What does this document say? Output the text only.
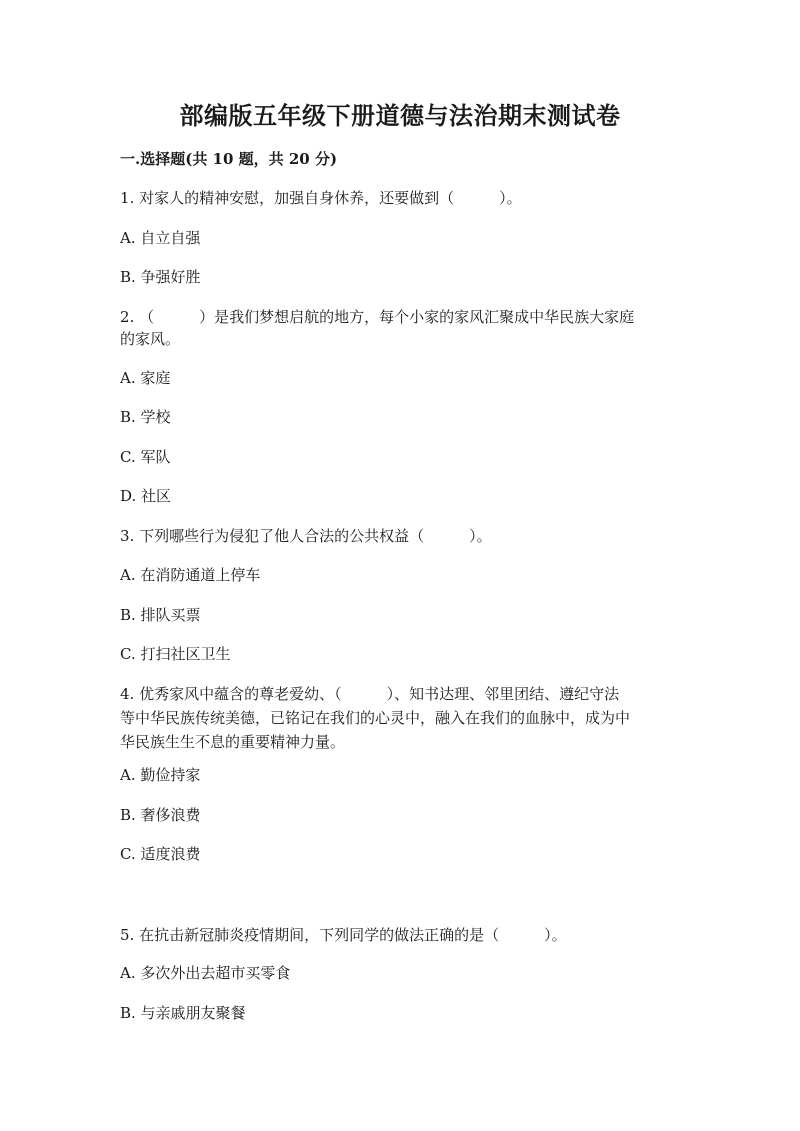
部编版五年级下册道德与法治期末测试卷
一.选择题(共 10 题，共 20 分)
1. 对家人的精神安慰，加强自身休养，还要做到（　　　）。
A. 自立自强
B. 争强好胜
2. （　　　）是我们梦想启航的地方，每个小家的家风汇聚成中华民族大家庭
的家风。
A. 家庭
B. 学校
C. 军队
D. 社区
3. 下列哪些行为侵犯了他人合法的公共权益（　　　）。
A. 在消防通道上停车
B. 排队买票
C. 打扫社区卫生
4. 优秀家风中蕴含的尊老爱幼、（　　　）、知书达理、邻里团结、遵纪守法
等中华民族传统美德，已铭记在我们的心灵中，融入在我们的血脉中，成为中
华民族生生不息的重要精神力量。
A. 勤俭持家
B. 奢侈浪费
C. 适度浪费
5. 在抗击新冠肺炎疫情期间，下列同学的做法正确的是（　　　）。
A. 多次外出去超市买零食
B. 与亲戚朋友聚餐
